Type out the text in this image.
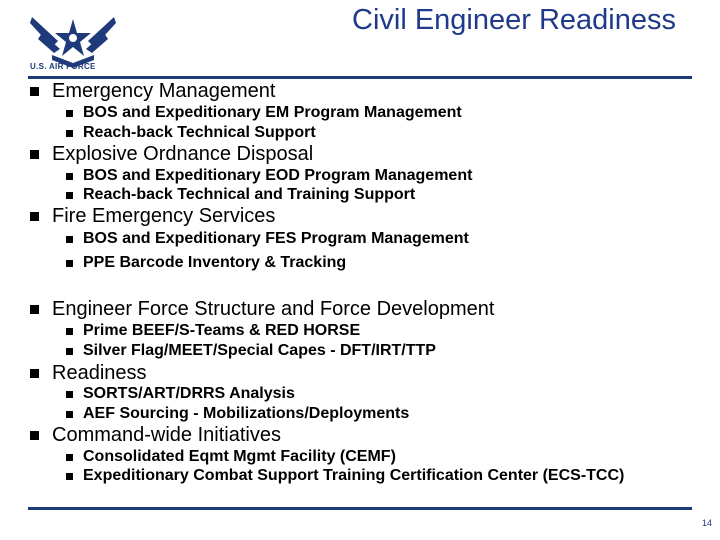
U.S. AIR FORCE
Civil Engineer Readiness
Emergency Management
BOS and Expeditionary EM Program Management
Reach-back Technical Support
Explosive Ordnance Disposal
BOS and Expeditionary EOD Program Management
Reach-back Technical and Training Support
Fire Emergency Services
BOS and Expeditionary FES Program Management
PPE Barcode Inventory & Tracking
Engineer Force Structure and Force Development
Prime BEEF/S-Teams & RED HORSE
Silver Flag/MEET/Special Capes - DFT/IRT/TTP
Readiness
SORTS/ART/DRRS Analysis
AEF Sourcing - Mobilizations/Deployments
Command-wide Initiatives
Consolidated Eqmt Mgmt Facility (CEMF)
Expeditionary Combat Support Training Certification Center (ECS-TCC)
14
